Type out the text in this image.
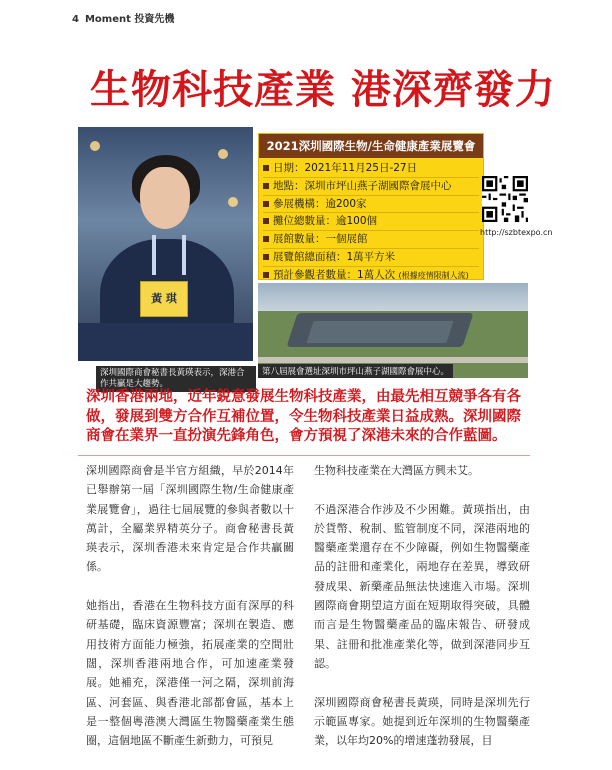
4 Moment 投資先機
生物科技產業 港深齊發力
黃 琪
深圳國際商會秘書長黃瑛表示，深港合作共贏是大趨勢。
2021深圳國際生物/生命健康產業展覽會
日期：2021年11月25日-27日
地點：深圳市坪山燕子湖國際會展中心
參展機構：逾200家
攤位總數量：逾100個
展館數量：一個展館
展覽館總面積：1萬平方米
預計參觀者數量：1萬人次 (根據疫情限制人流)
http://szbtexpo.cn
第八屆展會選址深圳市坪山燕子湖國際會展中心。
深圳香港兩地，近年銳意發展生物科技產業，由最先相互競爭各有各做，發展到雙方合作互補位置，令生物科技產業日益成熟。深圳國際商會在業界一直扮演先鋒角色，會方預視了深港未來的合作藍圖。

深圳國際商會是半官方組織，早於2014年已舉辦第一屆「深圳國際生物/生命健康產業展覽會」，過往七屆展覽的參與者數以十萬計，全屬業界精英分子。商會秘書長黃瑛表示，深圳香港未來肯定是合作共贏關係。

她指出，香港在生物科技方面有深厚的科研基礎，臨床資源豐富；深圳在製造、應用技術方面能力極強，拓展產業的空間壯闊，深圳香港兩地合作，可加速產業發展。她補充，深港僅一河之隔，深圳前海區、河套區、與香港北部都會區，基本上是一整個粵港澳大灣區生物醫藥產業生態圈，這個地區不斷產生新動力，可預見

生物科技產業在大灣區方興未艾。

不過深港合作涉及不少困難。黃瑛指出，由於貨幣、稅制、監管制度不同，深港兩地的醫藥產業還存在不少障礙，例如生物醫藥產品的註冊和產業化，兩地存在差異，導致研發成果、新藥產品無法快速進入市場。深圳國際商會期望這方面在短期取得突破，具體而言是生物醫藥產品的臨床報告、研發成果、註冊和批准產業化等，做到深港同步互認。

深圳國際商會秘書長黃瑛，同時是深圳先行示範區專家。她提到近年深圳的生物醫藥產業，以年均20%的增速蓬勃發展，目
